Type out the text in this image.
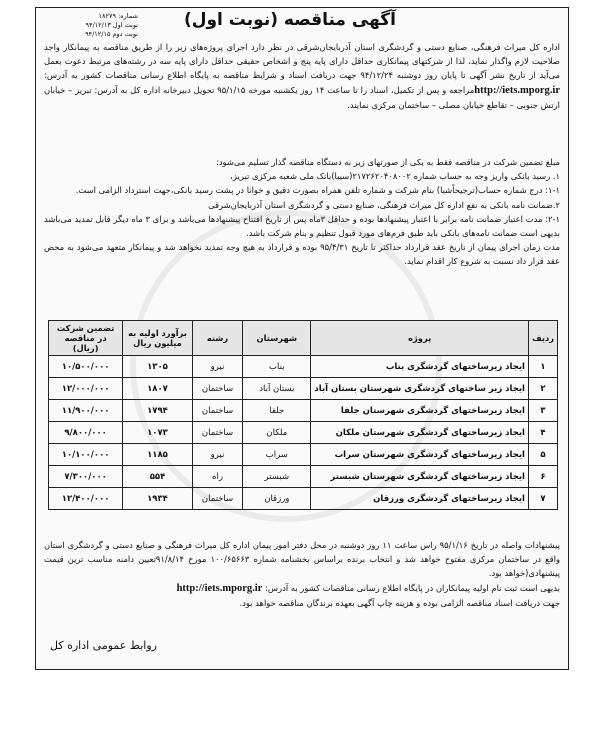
شماره: ۱۸۲۷۹
نوبت اول ۹۴/۱۲/۱۳
نوبت دوم ۹۴/۱۲/۱۵
آگهی مناقصه (نوبت اول)
اداره کل میراث فرهنگی، صنایع دستی و گردشگری استان آذربایجان‌شرقی در نظر دارد اجرای پروژه‌های زیر را از طریق مناقصه به پیمانکار واجد صلاحیت لازم واگذار نماید، لذا از شرکتهای پیمانکاری حداقل دارای پایه پنج و اشخاص حقیقی حداقل دارای پایه سه در رشته‌های مرتبط دعوت بعمل می‌آید از تاریخ نشر آگهی تا پایان روز دوشنبه ۹۴/۱۲/۲۴ جهت دریافت اسناد و شرایط مناقصه به پایگاه اطلاع رسانی مناقصات کشور به آدرس: http://iets.mporg.irمراجعه و پس از تکمیل، اسناد را تا ساعت ۱۴ روز یکشنبه مورخه ۹۵/۱/۱۵ تحویل دبیرخانه اداره کل به آدرس: تبریز – خیابان ارتش جنوبی – تقاطع خیابان مصلی – ساختمان مرکزی نمایند.
مبلغ تضمین شرکت در مناقصه فقط به یکی از صورتهای زیر به دستگاه مناقصه گذار تسلیم می‌شود:
۱. رسید بانکی واریز وجه به حساب شماره ۲۱۷۲۶۲۰۴۰۸۰۰۲(سیبا)بانک ملی شعبه مرکزی تبریز،
۱-۱: درج شماره حساب(ترجیحاً‌شبا) بنام شرکت و شماره تلفن همراه بصورت دقیق و خوانا در پشت رسید بانکی،جهت استرداد الزامی است.
۲.ضمانت نامه بانکی به نفع اداره کل میراث فرهنگی، صنایع دستی و گردشگری استان آذربایجان‌شرقی
۲-۱: مدت اعتبار ضمانت نامه برابر با اعتبار پیشنهادها بوده و حداقل ۳ماه پس از تاریخ افتتاح پیشنهادها می‌باشد و برای ۳ ماه دیگر قابل تمدید می‌باشد بدیهی است ضمانت نامه‌های بانکی باید طبق فرم‌های مورد قبول تنظیم و بنام شرکت باشد.
مدت زمان اجرای پیمان از تاریخ عقد قرارداد حداکثر تا تاریخ ۹۵/۴/۳۱ بوده و قرارداد به هیچ وجه تمدید نخواهد شد و پیمانکار متعهد می‌شود به محض عقد قرار داد نسبت به شروع کار اقدام نماید.
ردیف	پروژه	شهرستان	رشته	برآورد اولیه به میلیون ریال	تضمین شرکت در مناقصه (ریال)
۱	ایجاد زیرساختهای گردشگری بناب	بناب	نیرو	۱۳۰۵	۱۰/۵۰۰/۰۰۰
۲	ایجاد زیر ساختهای گردشگری شهرستان بستان آباد	بستان آباد	ساختمان	۱۸۰۷	۱۲/۰۰۰/۰۰۰
۳	ایجاد زیرساختهای گردشگری شهرستان جلفا	جلفا	ساختمان	۱۷۹۴	۱۱/۹۰۰/۰۰۰
۴	ایجاد زیرساختهای گردشگری شهرستان ملکان	ملکان	ساختمان	۱۰۷۳	۹/۸۰۰/۰۰۰
۵	ایجاد زیرساختهای گردشگری شهرستان سراب	سراب	نیرو	۱۱۸۵	۱۰/۱۰۰/۰۰۰
۶	ایجاد زیرساختهای گردشگری شهرستان شبستر	شبستر	راه	۵۵۴	۷/۳۰۰/۰۰۰
۷	ایجاد زیرساختهای گردشگری ورزقان	ورزقان	ساختمان	۱۹۳۴	۱۲/۴۰۰/۰۰۰
پیشنهادات واصله در تاریخ ۹۵/۱/۱۶ راس ساعت ۱۱ روز دوشنبه در محل دفتر امور پیمان اداره کل میراث فرهنگی و صنایع دستی و گردشگری استان واقع در ساختمان مرکزی مفتوح خواهد شد و انتخاب برنده براساس بخشنامه شماره ۱۰۰/۶۵۶۶۳ مورخ ۹۱/۸/۱۴تعیین دامنه مناسب ترین قیمت پیشنهادی(خواهد بود.
بدیهی است ثبت نام اولیه پیمانکاران در پایگاه اطلاع رسانی مناقصات کشور به آدرس: http://iets.mporg.ir
جهت دریافت اسناد مناقصه الزامی بوده و هزینه چاپ آگهی بعهده برندگان مناقصه خواهد بود.
روابط عمومی اداره کل
